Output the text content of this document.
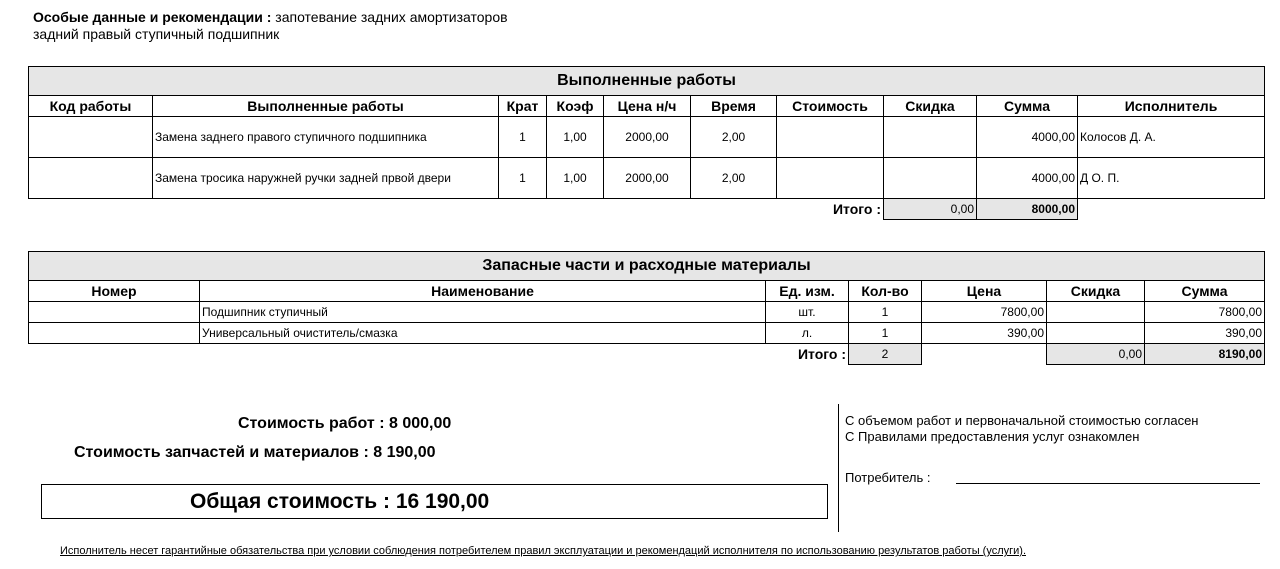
Особые данные и рекомендации : запотевание задних амортизаторов
задний правый ступичный подшипник
Выполненные работы									
Код работы	Выполненные работы	Крат	Коэф	Цена н/ч	Время	Стоимость	Скидка	Сумма	Исполнитель
	Замена заднего правого ступичного подшипника	1	1,00	2000,00	2,00			4000,00	Колосов Д. А.
	Замена тросика наружней ручки задней првой двери	1	1,00	2000,00	2,00			4000,00	Д О. П.
						Итого :	0,00	8000,00	
Запасные части и расходные материалы						
Номер	Наименование	Ед. изм.	Кол-во	Цена	Скидка	Сумма
	Подшипник ступичный	шт.	1	7800,00		7800,00
	Универсальный очиститель/смазка	л.	1	390,00		390,00
		Итого :	2		0,00	8190,00
Стоимость работ : 8 000,00
Стоимость запчастей и материалов : 8 190,00
Общая стоимость : 16 190,00
С объемом работ и первоначальной стоимостью согласен
С Правилами предоставления услуг ознакомлен
Потребитель :
Исполнитель несет гарантийные обязательства при условии соблюдения потребителем правил эксплуатации и рекомендаций исполнителя по использованию результатов работы (услуги).
